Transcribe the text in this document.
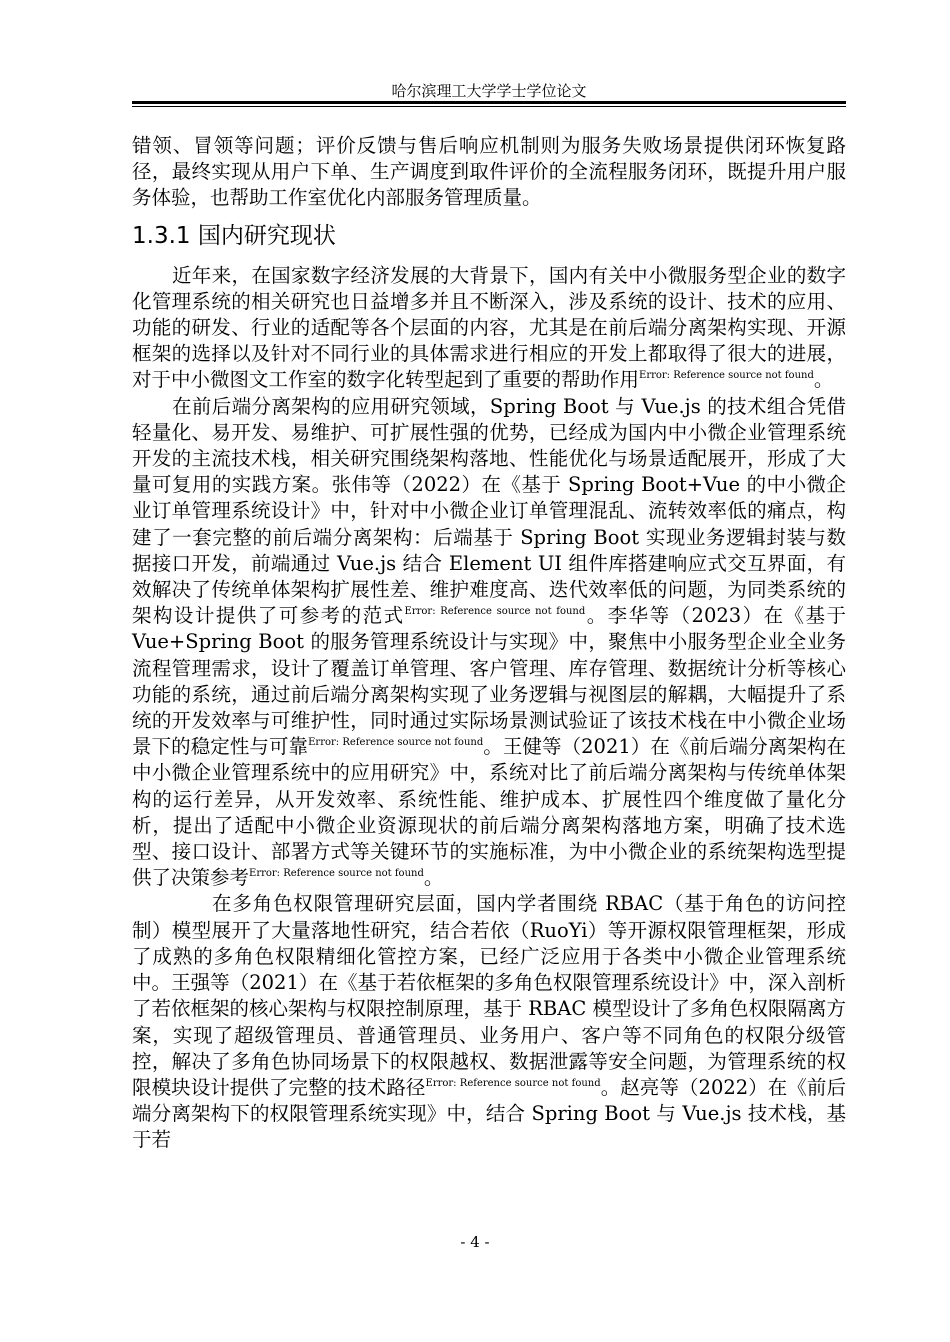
哈尔滨理工大学学士学位论文

错领、冒领等问题；评价反馈与售后响应机制则为服务失败场景提供闭环恢复路径，最终实现从用户下单、生产调度到取件评价的全流程服务闭环，既提升用户服务体验，也帮助工作室优化内部服务管理质量。

1.3.1 国内研究现状

近年来，在国家数字经济发展的大背景下，国内有关中小微服务型企业的数字化管理系统的相关研究也日益增多并且不断深入，涉及系统的设计、技术的应用、功能的研发、行业的适配等各个层面的内容，尤其是在前后端分离架构实现、开源框架的选择以及针对不同行业的具体需求进行相应的开发上都取得了很大的进展，对于中小微图文工作室的数字化转型起到了重要的帮助作用$^{Error: Reference source not found}$。

在前后端分离架构的应用研究领域，Spring Boot 与 Vue.js 的技术组合凭借轻量化、易开发、易维护、可扩展性强的优势，已经成为国内中小微企业管理系统开发的主流技术栈，相关研究围绕架构落地、性能优化与场景适配展开，形成了大量可复用的实践方案。张伟等（2022）在《基于 Spring Boot+Vue 的中小微企业订单管理系统设计》中，针对中小微企业订单管理混乱、流转效率低的痛点，构建了一套完整的前后端分离架构：后端基于 Spring Boot 实现业务逻辑封装与数据接口开发，前端通过 Vue.js 结合 Element UI 组件库搭建响应式交互界面，有效解决了传统单体架构扩展性差、维护难度高、迭代效率低的问题，为同类系统的架构设计提供了可参考的范式$^{Error: Reference source not found}$。李华等（2023）在《基于 Vue+Spring Boot 的服务管理系统设计与实现》中，聚焦中小服务型企业全业务流程管理需求，设计了覆盖订单管理、客户管理、库存管理、数据统计分析等核心功能的系统，通过前后端分离架构实现了业务逻辑与视图层的解耦，大幅提升了系统的开发效率与可维护性，同时通过实际场景测试验证了该技术栈在中小微企业场景下的稳定性与可靠$^{Error: Reference source not found}$。王健等（2021）在《前后端分离架构在中小微企业管理系统中的应用研究》中，系统对比了前后端分离架构与传统单体架构的运行差异，从开发效率、系统性能、维护成本、扩展性四个维度做了量化分析，提出了适配中小微企业资源现状的前后端分离架构落地方案，明确了技术选型、接口设计、部署方式等关键环节的实施标准，为中小微企业的系统架构选型提供了决策参考$^{Error: Reference source not found}$。

在多角色权限管理研究层面，国内学者围绕 RBAC（基于角色的访问控制）模型展开了大量落地性研究，结合若依（RuoYi）等开源权限管理框架，形成了成熟的多角色权限精细化管控方案，已经广泛应用于各类中小微企业管理系统中。王强等（2021）在《基于若依框架的多角色权限管理系统设计》中，深入剖析了若依框架的核心架构与权限控制原理，基于 RBAC 模型设计了多角色权限隔离方案，实现了超级管理员、普通管理员、业务用户、客户等不同角色的权限分级管控，解决了多角色协同场景下的权限越权、数据泄露等安全问题，为管理系统的权限模块设计提供了完整的技术路径$^{Error: Reference source not found}$。赵亮等（2022）在《前后端分离架构下的权限管理系统实现》中，结合 Spring Boot 与 Vue.js 技术栈，基于若

- 4 -
